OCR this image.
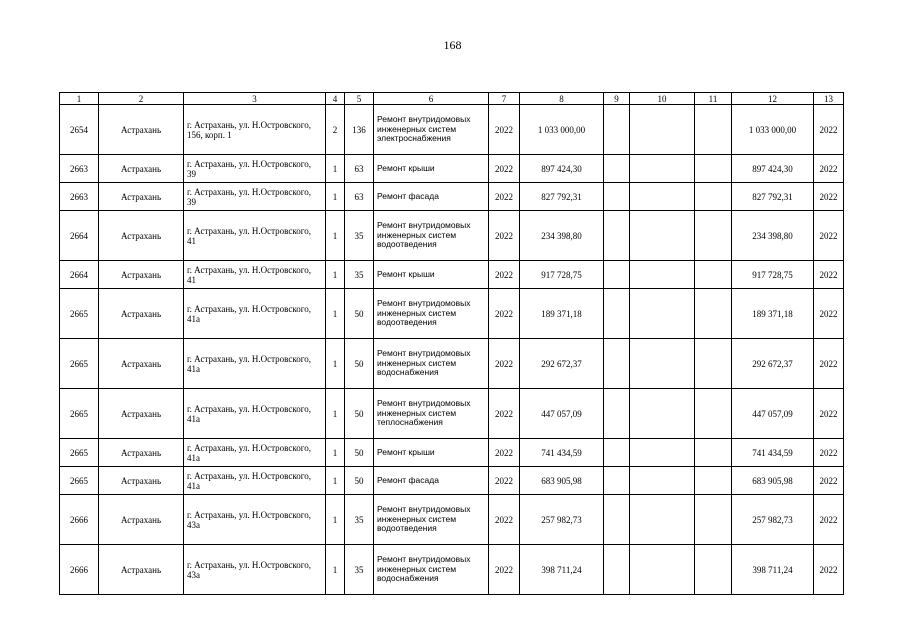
168
1	2	3	4	5	6	7	8	9	10	11	12	13
2654	Астрахань	г. Астрахань, ул. Н.Островского, 156, корп. 1	2	136	Ремонт внутридомовых инженерных систем электроснабжения	2022	1 033 000,00				1 033 000,00	2022
2663	Астрахань	г. Астрахань, ул. Н.Островского, 39	1	63	Ремонт крыши	2022	897 424,30				897 424,30	2022
2663	Астрахань	г. Астрахань, ул. Н.Островского, 39	1	63	Ремонт фасада	2022	827 792,31				827 792,31	2022
2664	Астрахань	г. Астрахань, ул. Н.Островского, 41	1	35	Ремонт внутридомовых инженерных систем водоотведения	2022	234 398,80				234 398,80	2022
2664	Астрахань	г. Астрахань, ул. Н.Островского, 41	1	35	Ремонт крыши	2022	917 728,75				917 728,75	2022
2665	Астрахань	г. Астрахань, ул. Н.Островского, 41а	1	50	Ремонт внутридомовых инженерных систем водоотведения	2022	189 371,18				189 371,18	2022
2665	Астрахань	г. Астрахань, ул. Н.Островского, 41а	1	50	Ремонт внутридомовых инженерных систем водоснабжения	2022	292 672,37				292 672,37	2022
2665	Астрахань	г. Астрахань, ул. Н.Островского, 41а	1	50	Ремонт внутридомовых инженерных систем теплоснабжения	2022	447 057,09				447 057,09	2022
2665	Астрахань	г. Астрахань, ул. Н.Островского, 41а	1	50	Ремонт крыши	2022	741 434,59				741 434,59	2022
2665	Астрахань	г. Астрахань, ул. Н.Островского, 41а	1	50	Ремонт фасада	2022	683 905,98				683 905,98	2022
2666	Астрахань	г. Астрахань, ул. Н.Островского, 43а	1	35	Ремонт внутридомовых инженерных систем водоотведения	2022	257 982,73				257 982,73	2022
2666	Астрахань	г. Астрахань, ул. Н.Островского, 43а	1	35	Ремонт внутридомовых инженерных систем водоснабжения	2022	398 711,24				398 711,24	2022
